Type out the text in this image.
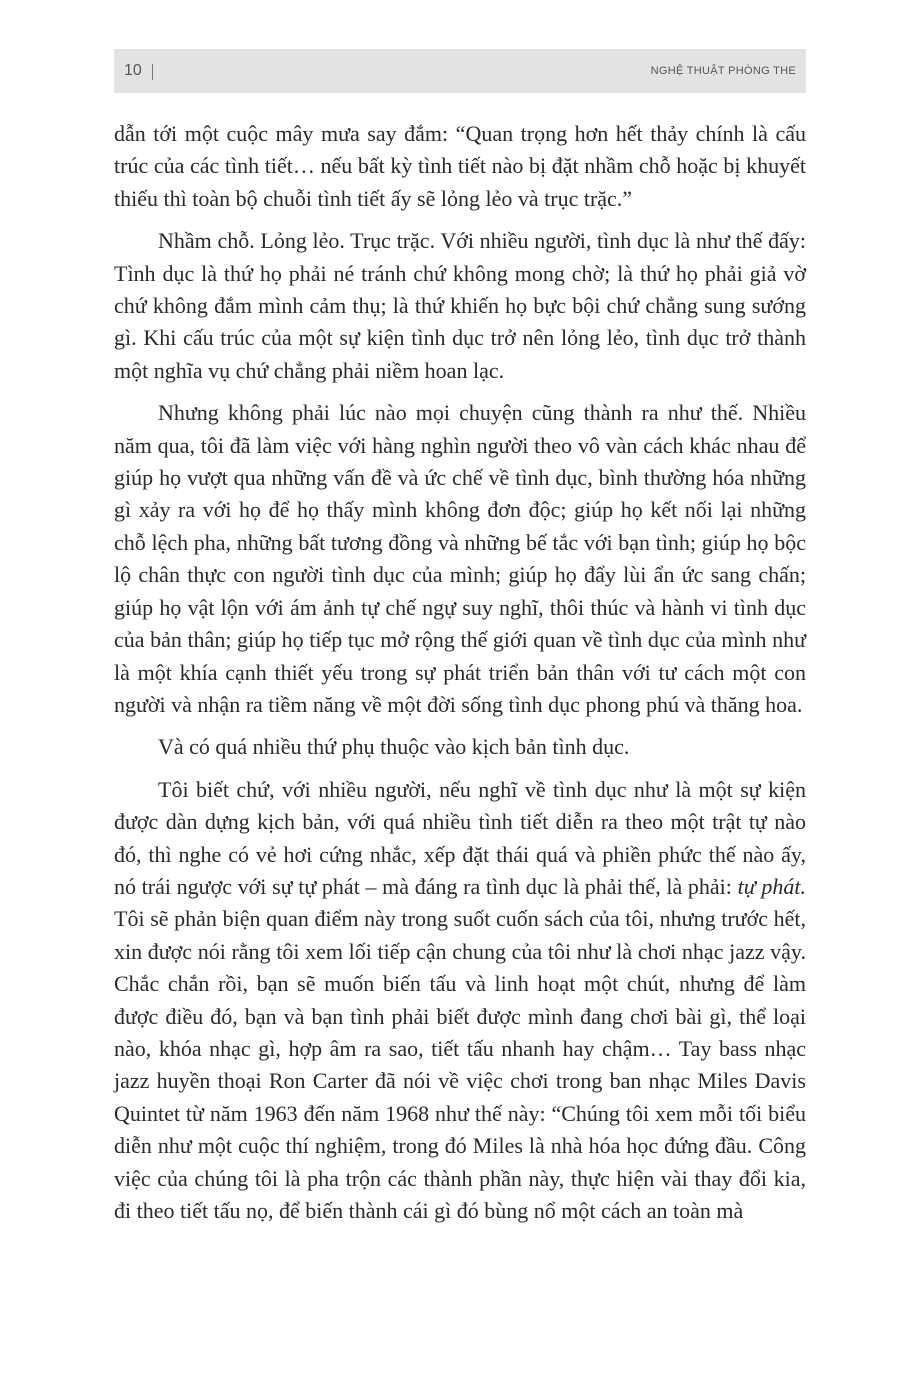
10	NGHỆ THUẬT PHÒNG THE

dẫn tới một cuộc mây mưa say đắm: “Quan trọng hơn hết thảy chính là cấu trúc của các tình tiết… nếu bất kỳ tình tiết nào bị đặt nhầm chỗ hoặc bị khuyết thiếu thì toàn bộ chuỗi tình tiết ấy sẽ lỏng lẻo và trục trặc.”

Nhầm chỗ. Lỏng lẻo. Trục trặc. Với nhiều người, tình dục là như thế đấy: Tình dục là thứ họ phải né tránh chứ không mong chờ; là thứ họ phải giả vờ chứ không đắm mình cảm thụ; là thứ khiến họ bực bội chứ chẳng sung sướng gì. Khi cấu trúc của một sự kiện tình dục trở nên lỏng lẻo, tình dục trở thành một nghĩa vụ chứ chẳng phải niềm hoan lạc.

Nhưng không phải lúc nào mọi chuyện cũng thành ra như thế. Nhiều năm qua, tôi đã làm việc với hàng nghìn người theo vô vàn cách khác nhau để giúp họ vượt qua những vấn đề và ức chế về tình dục, bình thường hóa những gì xảy ra với họ để họ thấy mình không đơn độc; giúp họ kết nối lại những chỗ lệch pha, những bất tương đồng và những bế tắc với bạn tình; giúp họ bộc lộ chân thực con người tình dục của mình; giúp họ đẩy lùi ẩn ức sang chấn; giúp họ vật lộn với ám ảnh tự chế ngự suy nghĩ, thôi thúc và hành vi tình dục của bản thân; giúp họ tiếp tục mở rộng thế giới quan về tình dục của mình như là một khía cạnh thiết yếu trong sự phát triển bản thân với tư cách một con người và nhận ra tiềm năng về một đời sống tình dục phong phú và thăng hoa.

Và có quá nhiều thứ phụ thuộc vào kịch bản tình dục.

Tôi biết chứ, với nhiều người, nếu nghĩ về tình dục như là một sự kiện được dàn dựng kịch bản, với quá nhiều tình tiết diễn ra theo một trật tự nào đó, thì nghe có vẻ hơi cứng nhắc, xếp đặt thái quá và phiền phức thế nào ấy, nó trái ngược với sự tự phát – mà đáng ra tình dục là phải thế, là phải: tự phát. Tôi sẽ phản biện quan điểm này trong suốt cuốn sách của tôi, nhưng trước hết, xin được nói rằng tôi xem lối tiếp cận chung của tôi như là chơi nhạc jazz vậy. Chắc chắn rồi, bạn sẽ muốn biến tấu và linh hoạt một chút, nhưng để làm được điều đó, bạn và bạn tình phải biết được mình đang chơi bài gì, thể loại nào, khóa nhạc gì, hợp âm ra sao, tiết tấu nhanh hay chậm… Tay bass nhạc jazz huyền thoại Ron Carter đã nói về việc chơi trong ban nhạc Miles Davis Quintet từ năm 1963 đến năm 1968 như thế này: “Chúng tôi xem mỗi tối biểu diễn như một cuộc thí nghiệm, trong đó Miles là nhà hóa học đứng đầu. Công việc của chúng tôi là pha trộn các thành phần này, thực hiện vài thay đổi kia, đi theo tiết tấu nọ, để biến thành cái gì đó bùng nổ một cách an toàn mà
